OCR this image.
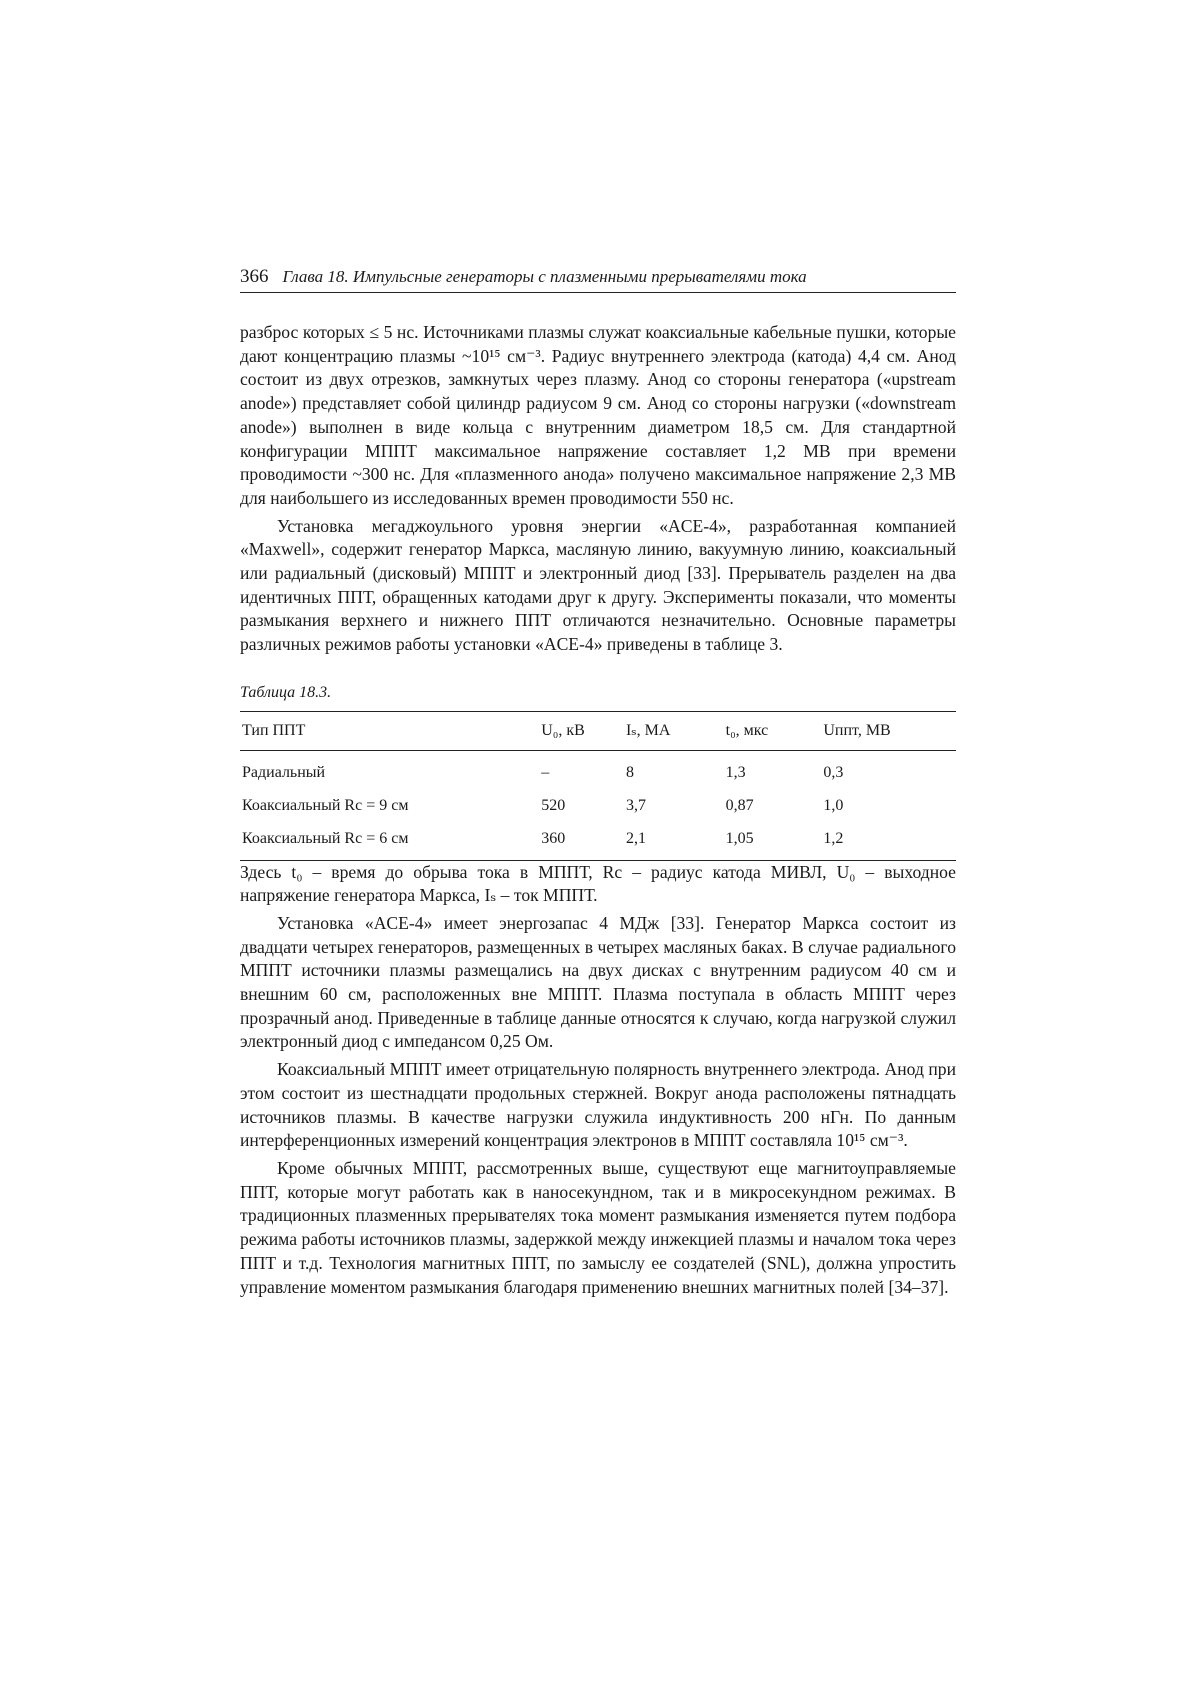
366 Глава 18. Импульсные генераторы с плазменными прерывателями тока

разброс которых ≤ 5 нс. Источниками плазмы служат коаксиальные кабельные пушки, которые дают концентрацию плазмы ~10¹⁵ см⁻³. Радиус внутреннего электрода (катода) 4,4 см. Анод состоит из двух отрезков, замкнутых через плазму. Анод со стороны генератора («upstream anode») представляет собой цилиндр радиусом 9 см. Анод со стороны нагрузки («downstream anode») выполнен в виде кольца с внутренним диаметром 18,5 см. Для стандартной конфигурации МППТ максимальное напряжение составляет 1,2 МВ при времени проводимости ~300 нс. Для «плазменного анода» получено максимальное напряжение 2,3 МВ для наибольшего из исследованных времен проводимости 550 нс.

Установка мегаджоульного уровня энергии «ACE-4», разработанная компанией «Maxwell», содержит генератор Маркса, масляную линию, вакуумную линию, коаксиальный или радиальный (дисковый) МППТ и электронный диод [33]. Прерыватель разделен на два идентичных ППТ, обращенных катодами друг к другу. Эксперименты показали, что моменты размыкания верхнего и нижнего ППТ отличаются незначительно. Основные параметры различных режимов работы установки «ACE-4» приведены в таблице 3.

Таблица 18.3.
Тип ППТ	U₀, кВ	Iₛ, МА	t₀, мкс	Uппт, МВ
Радиальный	–	8	1,3	0,3
Коаксиальный Rc = 9 см	520	3,7	0,87	1,0
Коаксиальный Rc = 6 см	360	2,1	1,05	1,2

Здесь t₀ – время до обрыва тока в МППТ, Rc – радиус катода МИВЛ, U₀ – выходное напряжение генератора Маркса, Iₛ – ток МППТ.

Установка «ACE-4» имеет энергозапас 4 МДж [33]. Генератор Маркса состоит из двадцати четырех генераторов, размещенных в четырех масляных баках. В случае радиального МППТ источники плазмы размещались на двух дисках с внутренним радиусом 40 см и внешним 60 см, расположенных вне МППТ. Плазма поступала в область МППТ через прозрачный анод. Приведенные в таблице данные относятся к случаю, когда нагрузкой служил электронный диод с импедансом 0,25 Ом.

Коаксиальный МППТ имеет отрицательную полярность внутреннего электрода. Анод при этом состоит из шестнадцати продольных стержней. Вокруг анода расположены пятнадцать источников плазмы. В качестве нагрузки служила индуктивность 200 нГн. По данным интерференционных измерений концентрация электронов в МППТ составляла 10¹⁵ см⁻³.

Кроме обычных МППТ, рассмотренных выше, существуют еще магнитоуправляемые ППТ, которые могут работать как в наносекундном, так и в микросекундном режимах. В традиционных плазменных прерывателях тока момент размыкания изменяется путем подбора режима работы источников плазмы, задержкой между инжекцией плазмы и началом тока через ППТ и т.д. Технология магнитных ППТ, по замыслу ее создателей (SNL), должна упростить управление моментом размыкания благодаря применению внешних магнитных полей [34–37].
